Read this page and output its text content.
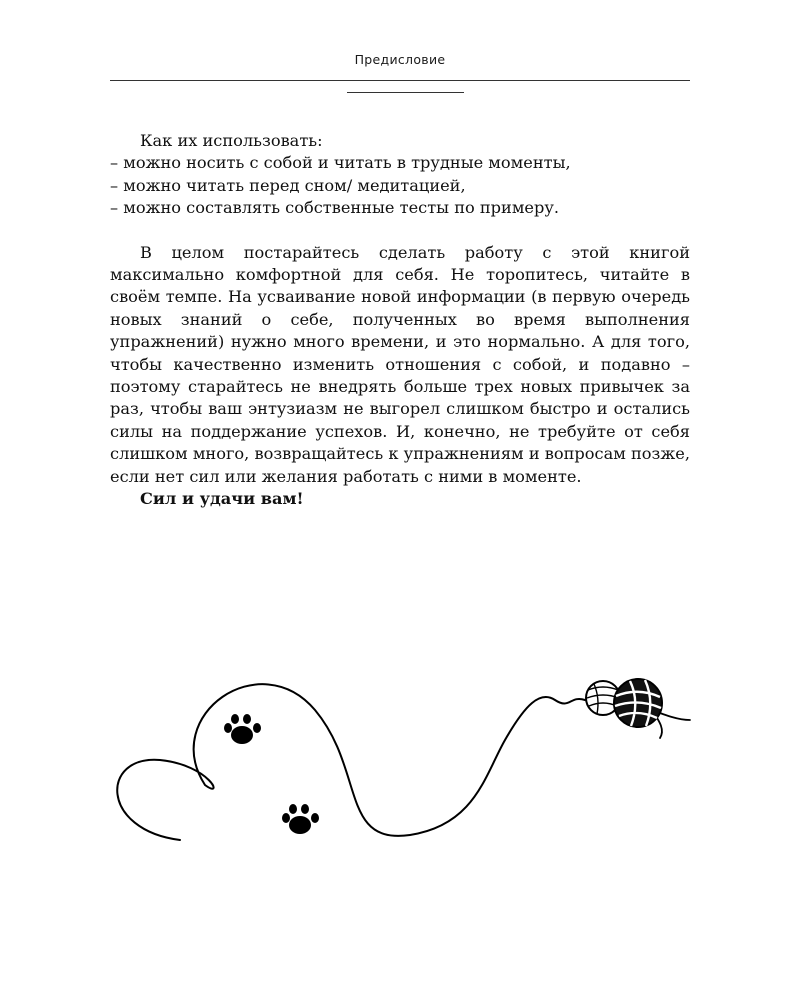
Предисловие

Как их использовать:

– можно носить с собой и читать в трудные моменты,

– можно читать перед сном/ медитацией,

– можно составлять собственные тесты по примеру.

В целом постарайтесь сделать работу с этой книгой максимально комфортной для себя. Не торопитесь, читайте в своём темпе. На усваивание новой информации (в первую очередь новых знаний о себе, полученных во время выполнения упражнений) нужно много времени, и это нормально. А для того, чтобы качественно изменить отношения с собой, и подавно – поэтому старайтесь не внедрять больше трех новых привычек за раз, чтобы ваш энтузиазм не выгорел слишком быстро и остались силы на поддержание успехов. И, конечно, не требуйте от себя слишком много, возвращайтесь к упражнениям и вопросам позже, если нет сил или желания работать с ними в моменте.

Сил и удачи вам!
